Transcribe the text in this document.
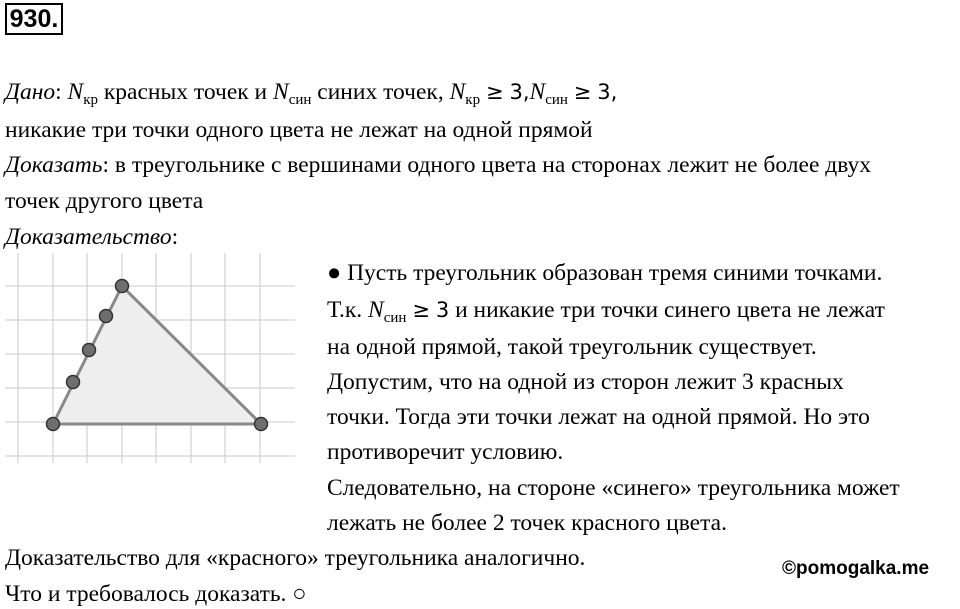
930.
Дано: $N_{кр}$ красных точек и $N_{син}$ синих точек, $N_{кр} \ge 3,N_{син} \ge 3$,
никакие три точки одного цвета не лежат на одной прямой
Доказать: в треугольнике с вершинами одного цвета на сторонах лежит не более двух
точек другого цвета
Доказательство:
● Пусть треугольник образован тремя синими точками.
Т.к. $N_{син} \ge 3$ и никакие три точки синего цвета не лежат
на одной прямой, такой треугольник существует.
Допустим, что на одной из сторон лежит 3 красных
точки. Тогда эти точки лежат на одной прямой. Но это
противоречит условию.
Следовательно, на стороне «синего» треугольника может
лежать не более 2 точек красного цвета.
Доказательство для «красного» треугольника аналогично.
Что и требовалось доказать. ○
©pomogalka.me
